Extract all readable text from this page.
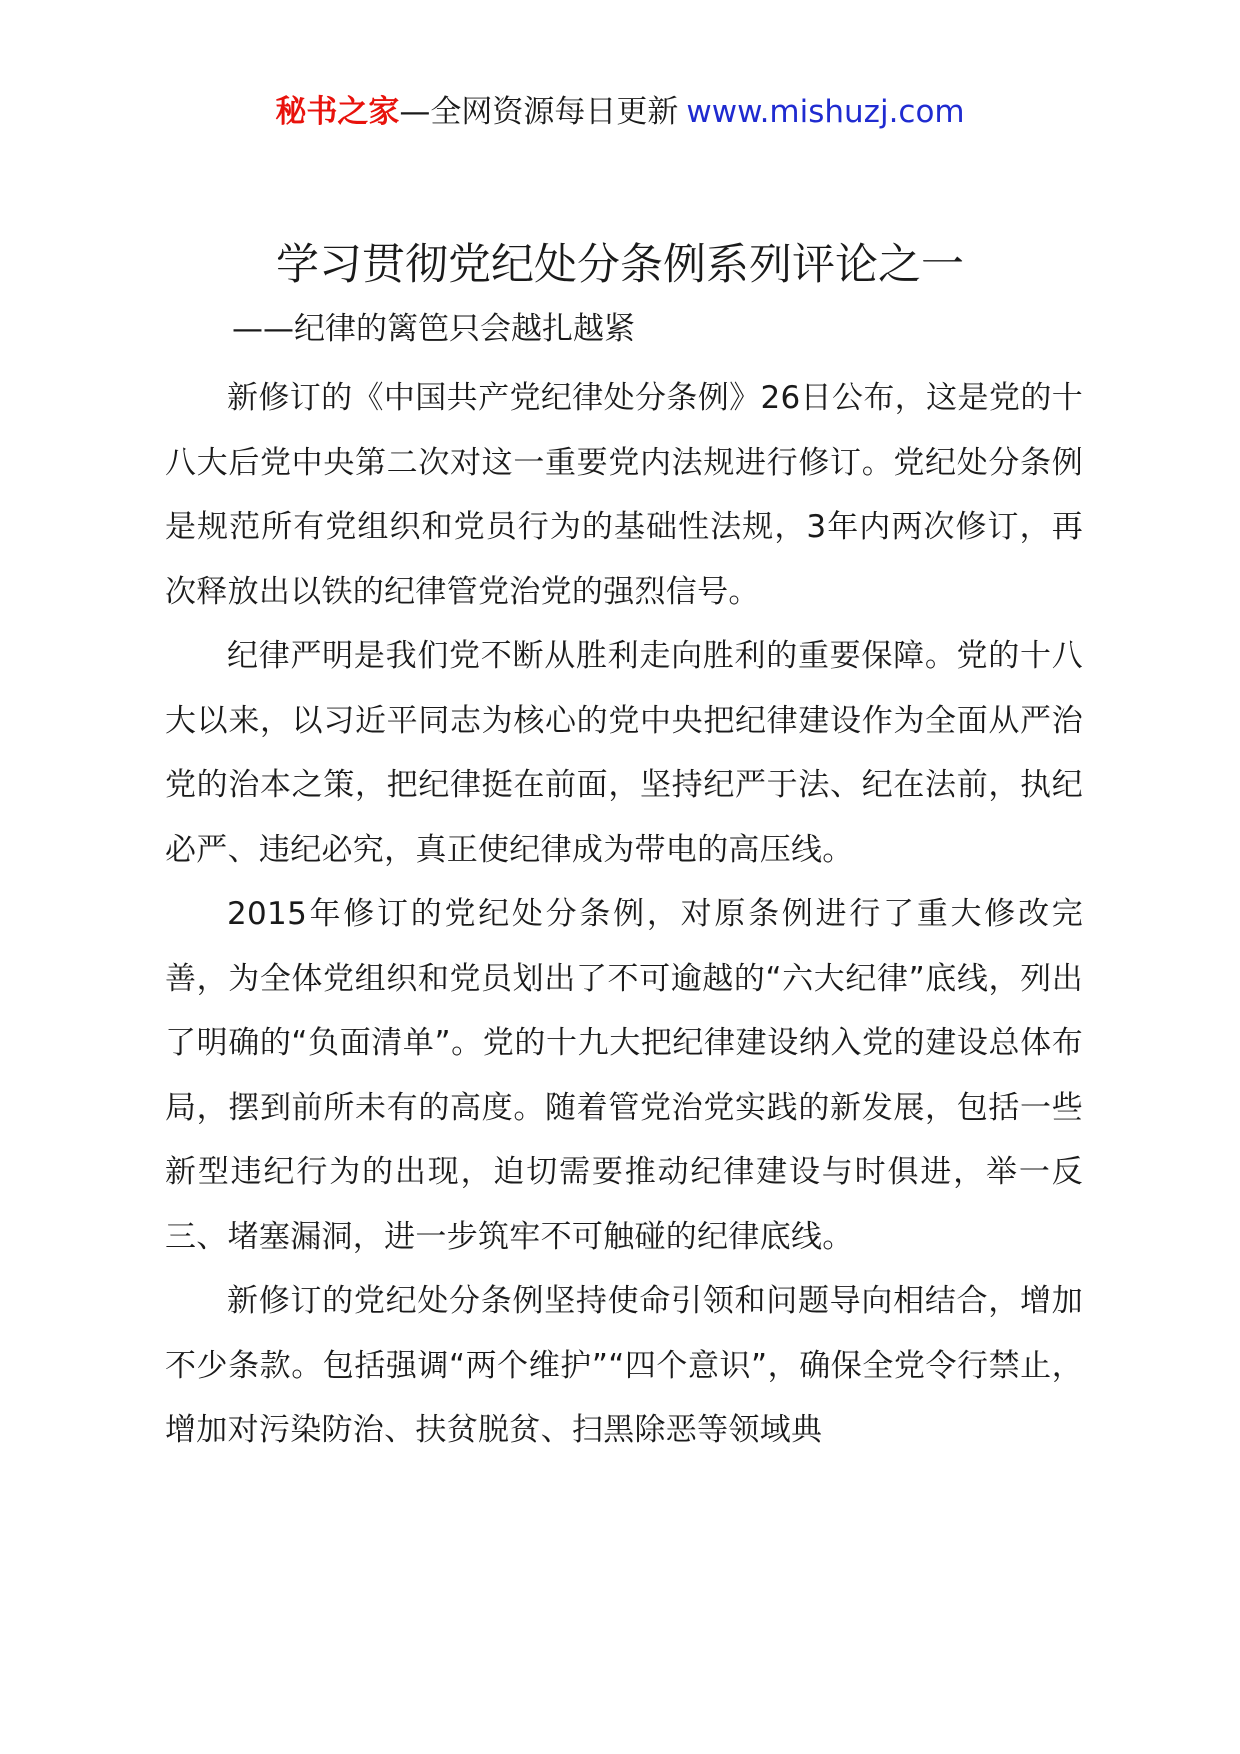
秘书之家—全网资源每日更新 www.mishuzj.com
学习贯彻党纪处分条例系列评论之一
——纪律的篱笆只会越扎越紧

新修订的《中国共产党纪律处分条例》26日公布，这是党的十八大后党中央第二次对这一重要党内法规进行修订。党纪处分条例是规范所有党组织和党员行为的基础性法规，3年内两次修订，再次释放出以铁的纪律管党治党的强烈信号。

纪律严明是我们党不断从胜利走向胜利的重要保障。党的十八大以来，以习近平同志为核心的党中央把纪律建设作为全面从严治党的治本之策，把纪律挺在前面，坚持纪严于法、纪在法前，执纪必严、违纪必究，真正使纪律成为带电的高压线。

2015年修订的党纪处分条例，对原条例进行了重大修改完善，为全体党组织和党员划出了不可逾越的“六大纪律”底线，列出了明确的“负面清单”。党的十九大把纪律建设纳入党的建设总体布局，摆到前所未有的高度。随着管党治党实践的新发展，包括一些新型违纪行为的出现，迫切需要推动纪律建设与时俱进，举一反三、堵塞漏洞，进一步筑牢不可触碰的纪律底线。

新修订的党纪处分条例坚持使命引领和问题导向相结合，增加不少条款。包括强调“两个维护”“四个意识”，确保全党令行禁止，增加对污染防治、扶贫脱贫、扫黑除恶等领域典
